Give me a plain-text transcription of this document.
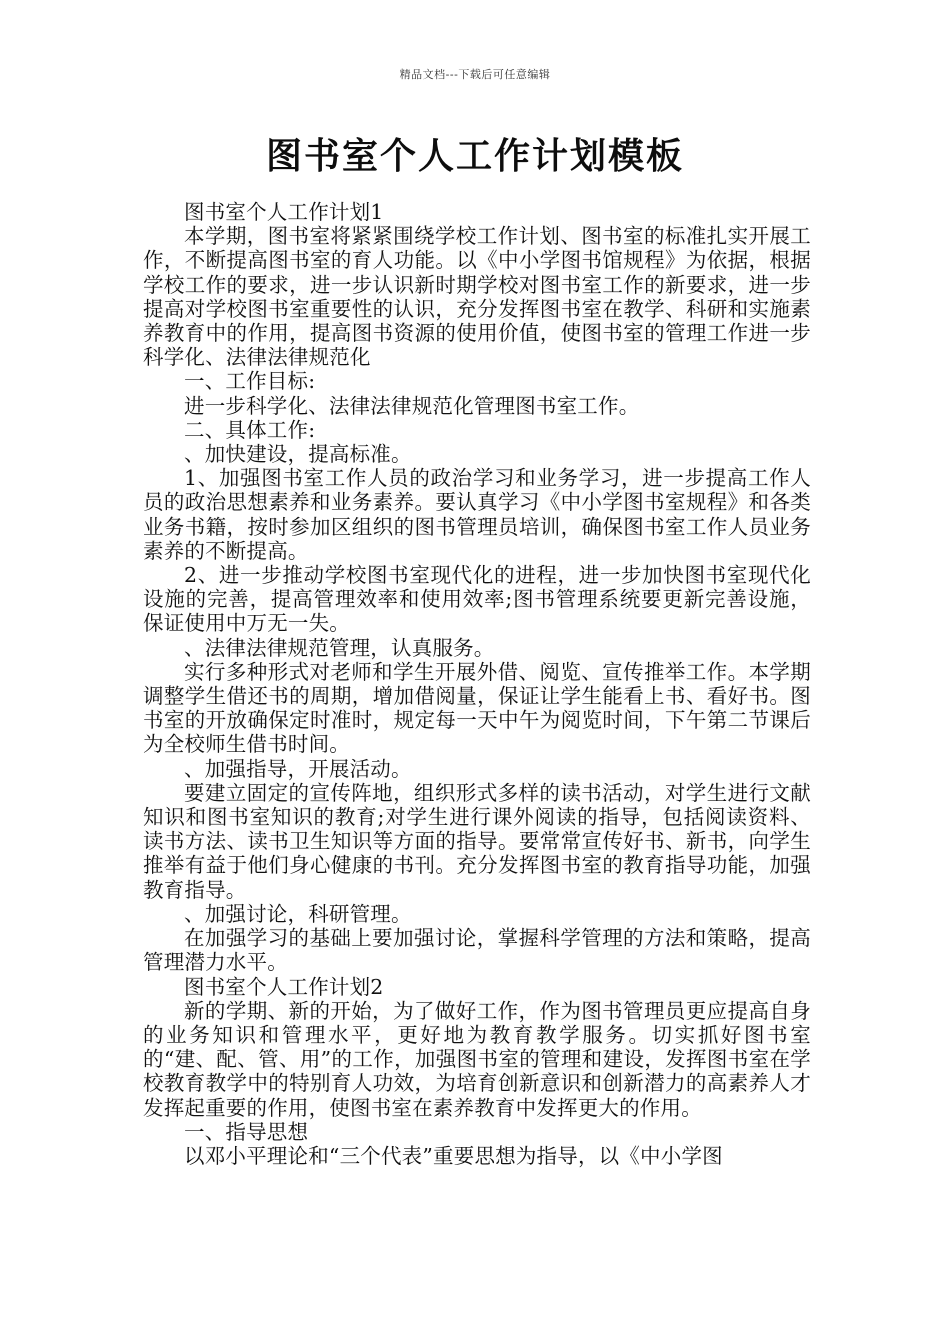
精品文档---下载后可任意编辑
图书室个人工作计划模板

图书室个人工作计划1

本学期，图书室将紧紧围绕学校工作计划、图书室的标准扎实开展工作，不断提高图书室的育人功能。以《中小学图书馆规程》为依据，根据学校工作的要求，进一步认识新时期学校对图书室工作的新要求，进一步提高对学校图书室重要性的认识，充分发挥图书室在教学、科研和实施素养教育中的作用，提高图书资源的使用价值，使图书室的管理工作进一步科学化、法律法律规范化

一、工作目标:

进一步科学化、法律法律规范化管理图书室工作。

二、具体工作:

、加快建设，提高标准。

1、加强图书室工作人员的政治学习和业务学习，进一步提高工作人员的政治思想素养和业务素养。要认真学习《中小学图书室规程》和各类业务书籍，按时参加区组织的图书管理员培训，确保图书室工作人员业务素养的不断提高。

2、进一步推动学校图书室现代化的进程，进一步加快图书室现代化设施的完善，提高管理效率和使用效率;图书管理系统要更新完善设施，保证使用中万无一失。

、法律法律规范管理，认真服务。

实行多种形式对老师和学生开展外借、阅览、宣传推举工作。本学期调整学生借还书的周期，增加借阅量，保证让学生能看上书、看好书。图书室的开放确保定时准时，规定每一天中午为阅览时间，下午第二节课后为全校师生借书时间。

、加强指导，开展活动。

要建立固定的宣传阵地，组织形式多样的读书活动，对学生进行文献知识和图书室知识的教育;对学生进行课外阅读的指导，包括阅读资料、读书方法、读书卫生知识等方面的指导。要常常宣传好书、新书，向学生推举有益于他们身心健康的书刊。充分发挥图书室的教育指导功能，加强教育指导。

、加强讨论，科研管理。

在加强学习的基础上要加强讨论，掌握科学管理的方法和策略，提高管理潜力水平。

图书室个人工作计划2

新的学期、新的开始，为了做好工作，作为图书管理员更应提高自身的业务知识和管理水平，更好地为教育教学服务。切实抓好图书室的“建、配、管、用”的工作，加强图书室的管理和建设，发挥图书室在学校教育教学中的特别育人功效，为培育创新意识和创新潜力的高素养人才发挥起重要的作用，使图书室在素养教育中发挥更大的作用。

一、指导思想

以邓小平理论和“三个代表”重要思想为指导，以《中小学图
